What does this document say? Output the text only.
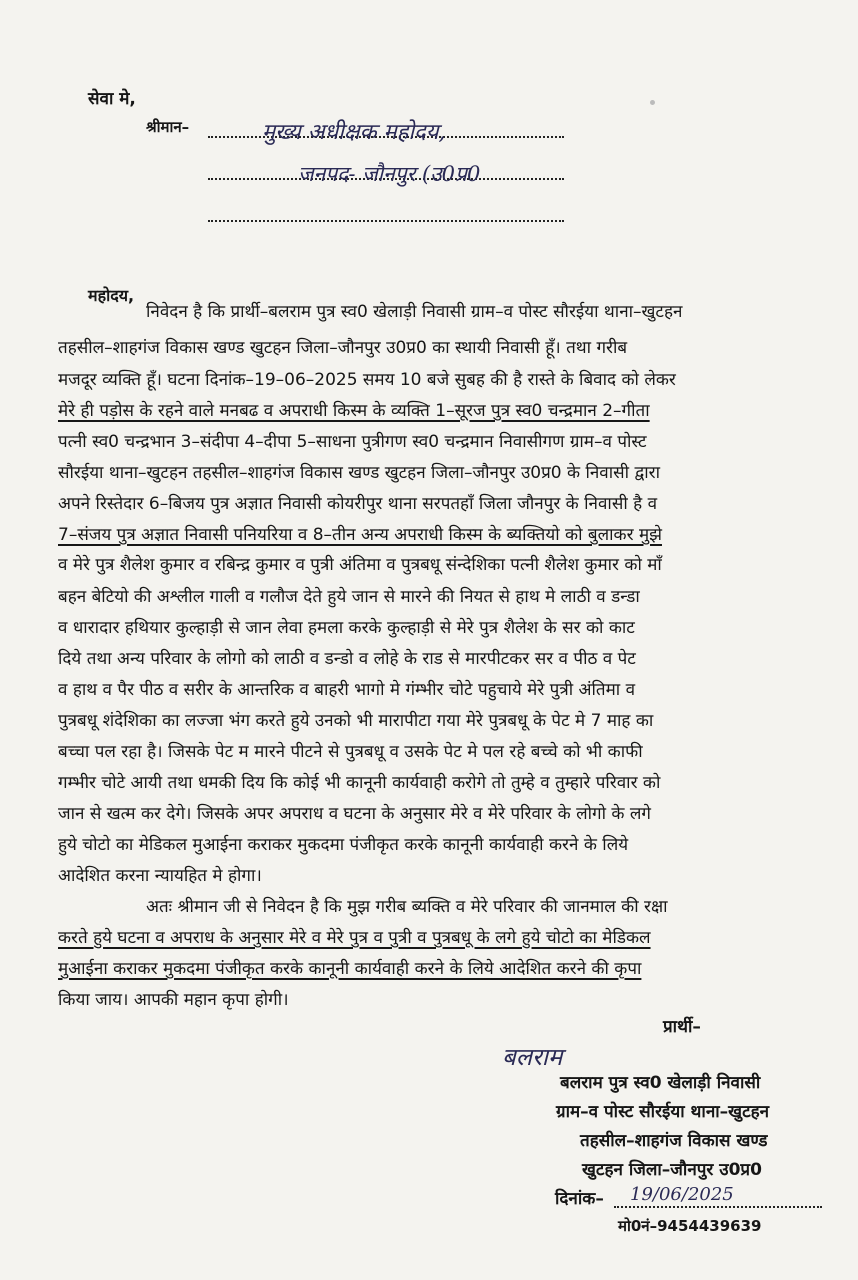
सेवा मे,
श्रीमान–	मुख्य अधीक्षक महोदय,
जनपद- जौनपुर (उ0प्र0
महोदय,
निवेदन है कि प्रार्थी–बलराम पुत्र स्व0 खेलाड़ी निवासी ग्राम–व पोस्ट सौरईया थाना–खुटहन
तहसील–शाहगंज विकास खण्ड खुटहन जिला–जौनपुर उ0प्र0 का स्थायी निवासी हूँ। तथा गरीब
मजदूर व्यक्ति हूँ। घटना दिनांक–19–06–2025 समय 10 बजे सुबह की है रास्ते के बिवाद को लेकर
मेरे ही पड़ोस के रहने वाले मनबढ व अपराधी किस्म के व्यक्ति 1–सूरज पुत्र स्व0 चन्द्रमान 2–गीता
पत्नी स्व0 चन्द्रभान 3–संदीपा 4–दीपा 5–साधना पुत्रीगण स्व0 चन्द्रमान निवासीगण ग्राम–व पोस्ट
सौरईया थाना–खुटहन तहसील–शाहगंज विकास खण्ड खुटहन जिला–जौनपुर उ0प्र0 के निवासी द्वारा
अपने रिस्तेदार 6–बिजय पुत्र अज्ञात निवासी कोयरीपुर थाना सरपतहाँ जिला जौनपुर के निवासी है व
7–संजय पुत्र अज्ञात निवासी पनियरिया व 8–तीन अन्य अपराधी किस्म के ब्यक्तियो को बुलाकर मुझे
व मेरे पुत्र शैलेश कुमार व रबिन्द्र कुमार व पुत्री अंतिमा व पुत्रबधू संन्देशिका पत्नी शैलेश कुमार को माँ
बहन बेटियो की अश्लील गाली व गलौज देते हुये जान से मारने की नियत से हाथ मे लाठी व डन्डा
व धारादार हथियार कुल्हाड़ी से जान लेवा हमला करके कुल्हाड़ी से मेरे पुत्र शैलेश के सर को काट
दिये तथा अन्य परिवार के लोगो को लाठी व डन्डो व लोहे के राड से मारपीटकर सर व पीठ व पेट
व हाथ व पैर पीठ व सरीर के आन्तरिक व बाहरी भागो मे गंम्भीर चोटे पहुचाये मेरे पुत्री अंतिमा व
पुत्रबधू शंदेशिका का लज्जा भंग करते हुये उनको भी मारापीटा गया मेरे पुत्रबधू के पेट मे 7 माह का
बच्चा पल रहा है। जिसके पेट म मारने पीटने से पुत्रबधू व उसके पेट मे पल रहे बच्चे को भी काफी
गम्भीर चोटे आयी तथा धमकी दिय कि कोई भी कानूनी कार्यवाही करोगे तो तुम्हे व तुम्हारे परिवार को
जान से खत्म कर देगे। जिसके अपर अपराध व घटना के अनुसार मेरे व मेरे परिवार के लोगो के लगे
हुये चोटो का मेडिकल मुआईना कराकर मुकदमा पंजीकृत करके कानूनी कार्यवाही करने के लिये
आदेशित करना न्यायहित मे होगा।
अतः श्रीमान जी से निवेदन है कि मुझ गरीब ब्यक्ति व मेरे परिवार की जानमाल की रक्षा
करते हुये घटना व अपराध के अनुसार मेरे व मेरे पुत्र व पुत्री व पुत्रबधू के लगे हुये चोटो का मेडिकल
मुआईना कराकर मुकदमा पंजीकृत करके कानूनी कार्यवाही करने के लिये आदेशित करने की कृपा
किया जाय। आपकी महान कृपा होगी।
प्रार्थी–
बलराम
बलराम पुत्र स्व0 खेलाड़ी निवासी
ग्राम–व पोस्ट सौरईया थाना–खुटहन
तहसील–शाहगंज विकास खण्ड
खुटहन जिला–जौनपुर उ0प्र0
दिनांक– 19/06/2025
मो0नं–9454439639
